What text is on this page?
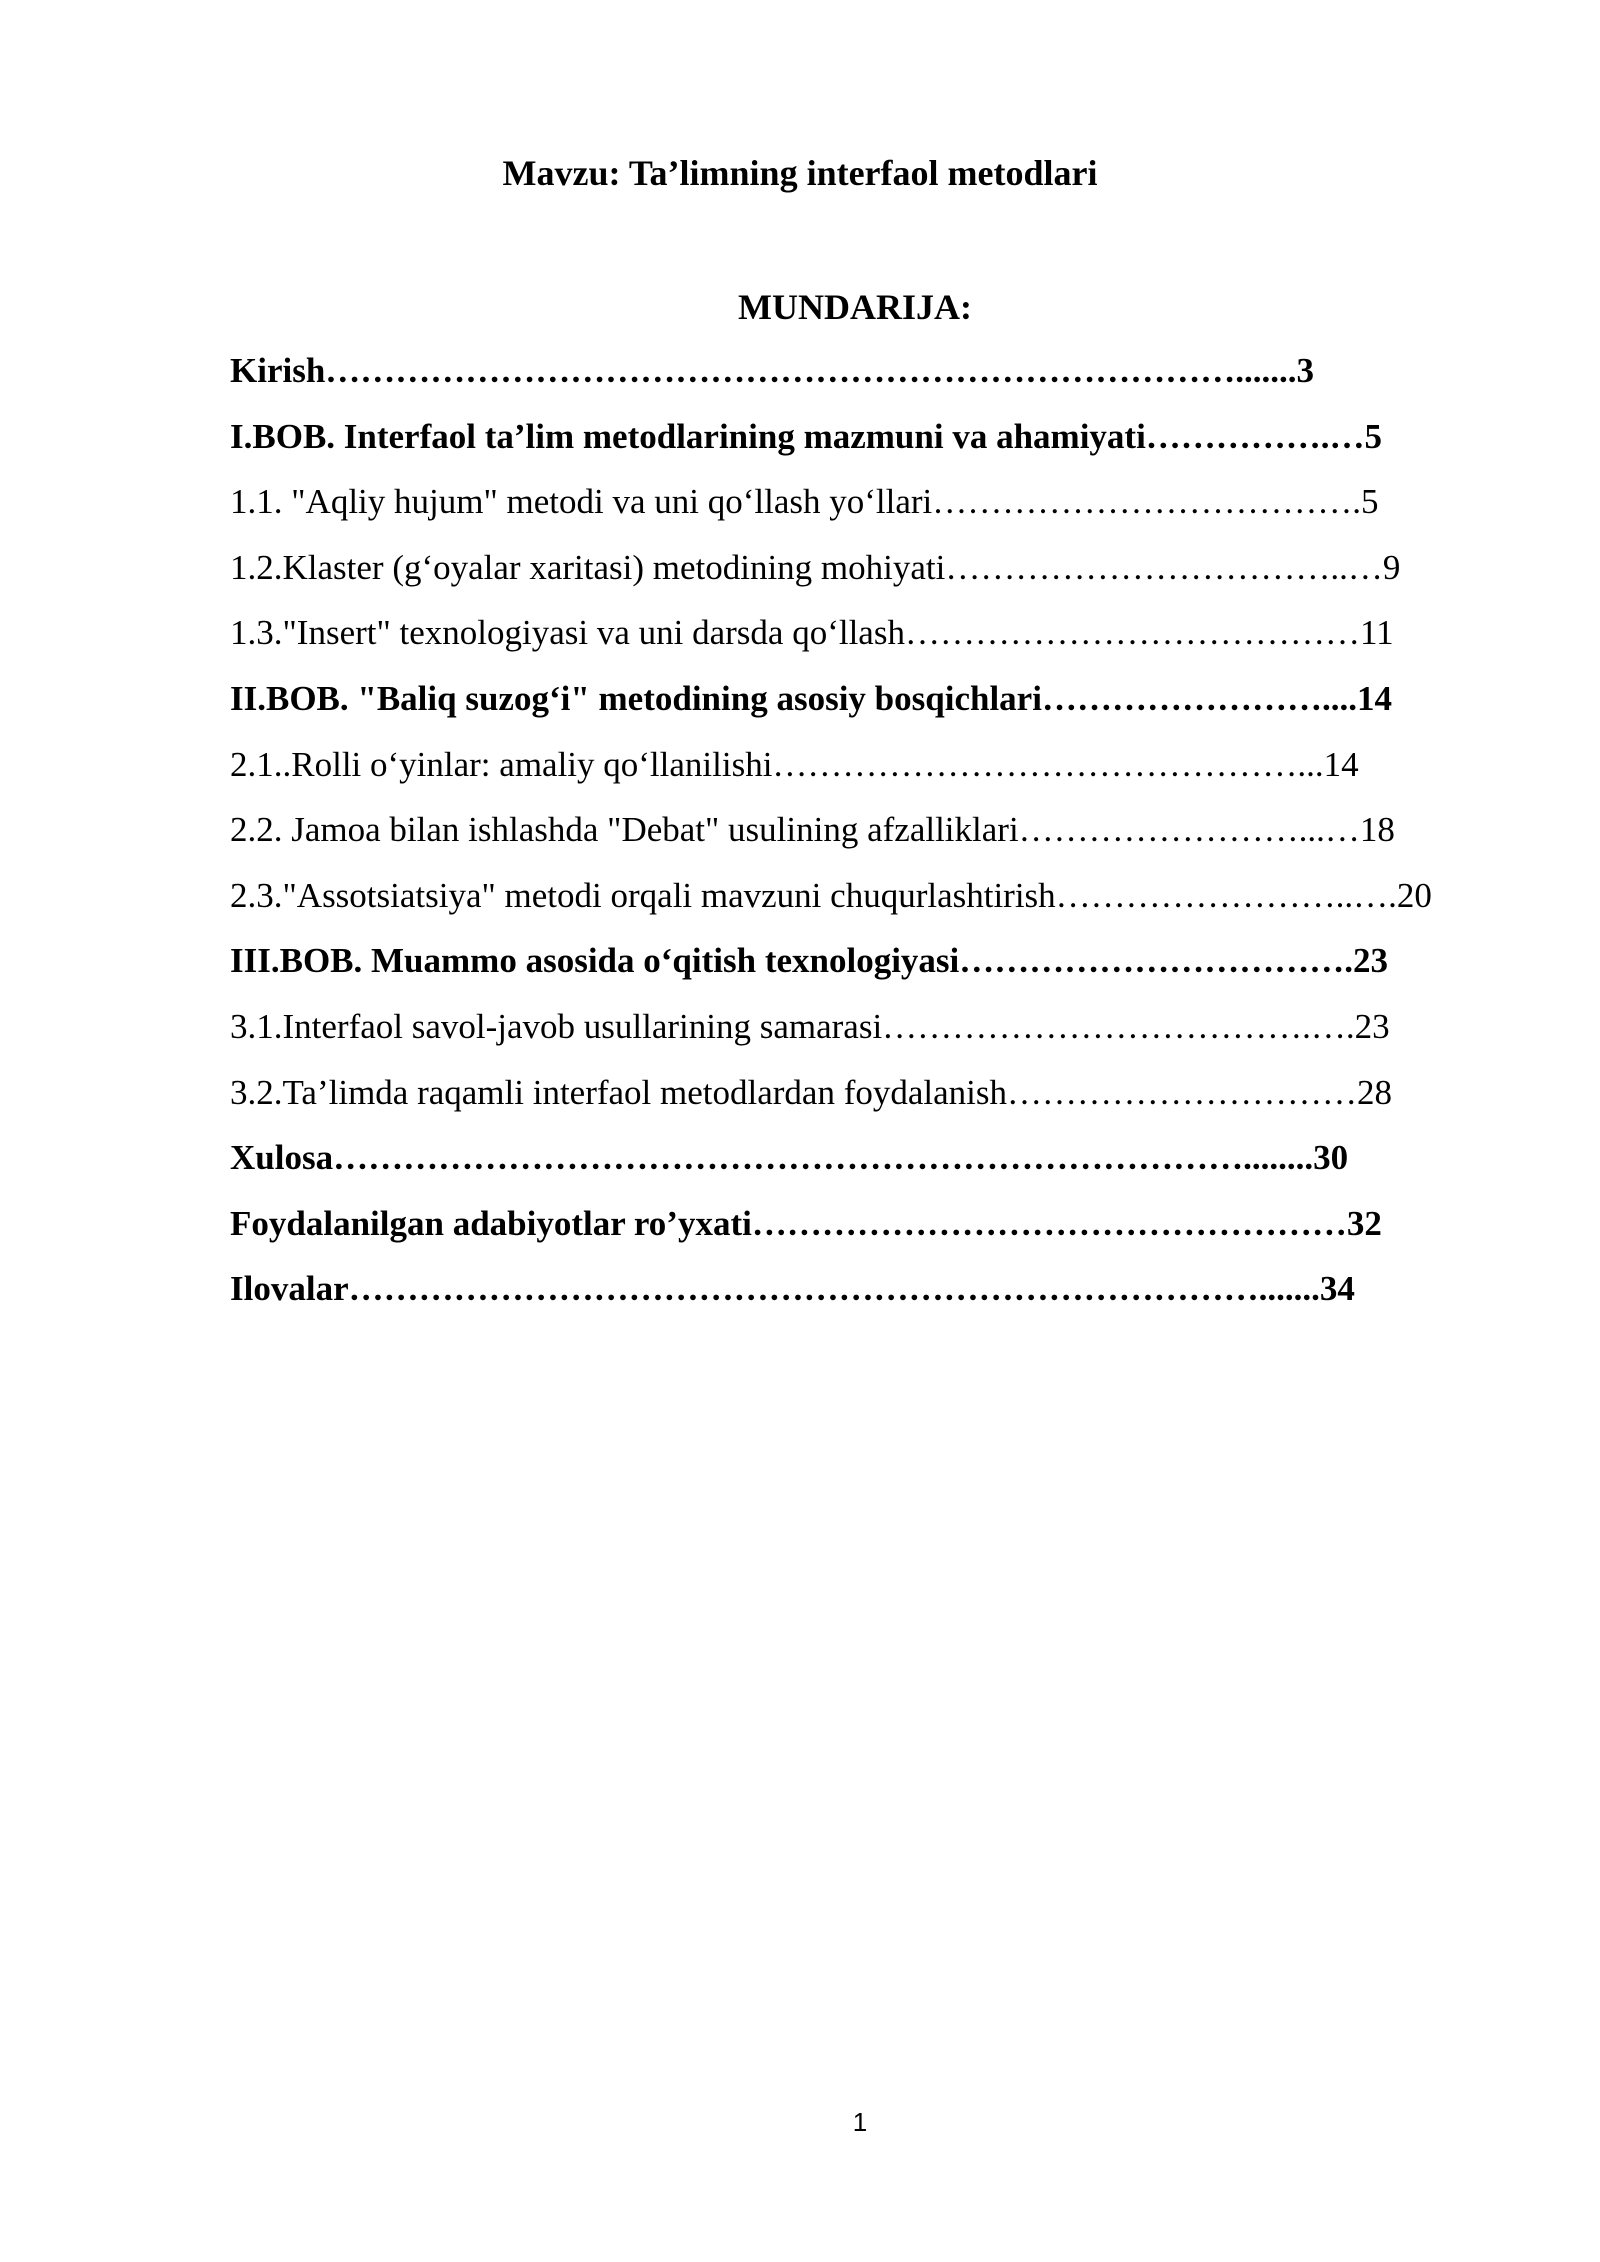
Mavzu: Ta’limning interfaol metodlari
MUNDARIJA:
Kirish…………………………………………………………………….......3
I.BOB. Interfaol ta’lim metodlarining mazmuni va ahamiyati…………….…5
1.1. "Aqliy hujum" metodi va uni qo‘llash yo‘llari……………………………….5
1.2.Klaster (g‘oyalar xaritasi) metodining mohiyati……………………………..…9
1.3."Insert" texnologiyasi va uni darsda qo‘llash…………………………………11
II.BOB. "Baliq suzog‘i" metodining asosiy bosqichlari……………………....14
2.1..Rolli o‘yinlar: amaliy qo‘llanilishi………………………………………...14
2.2. Jamoa bilan ishlashda "Debat" usulining afzalliklari……………………...…18
2.3."Assotsiatsiya" metodi orqali mavzuni chuqurlashtirish……………………..….20
III.BOB. Muammo asosida o‘qitish texnologiyasi…………………………….23
3.1.Interfaol savol-javob usullarining samarasi……………………………….….23
3.2.Ta’limda raqamli interfaol metodlardan foydalanish…………………………28
Xulosa……………………………………………………………………........30
Foydalanilgan adabiyotlar ro’yxati……………………………………………32
Ilovalar…………………………………………………………………….......34
1
